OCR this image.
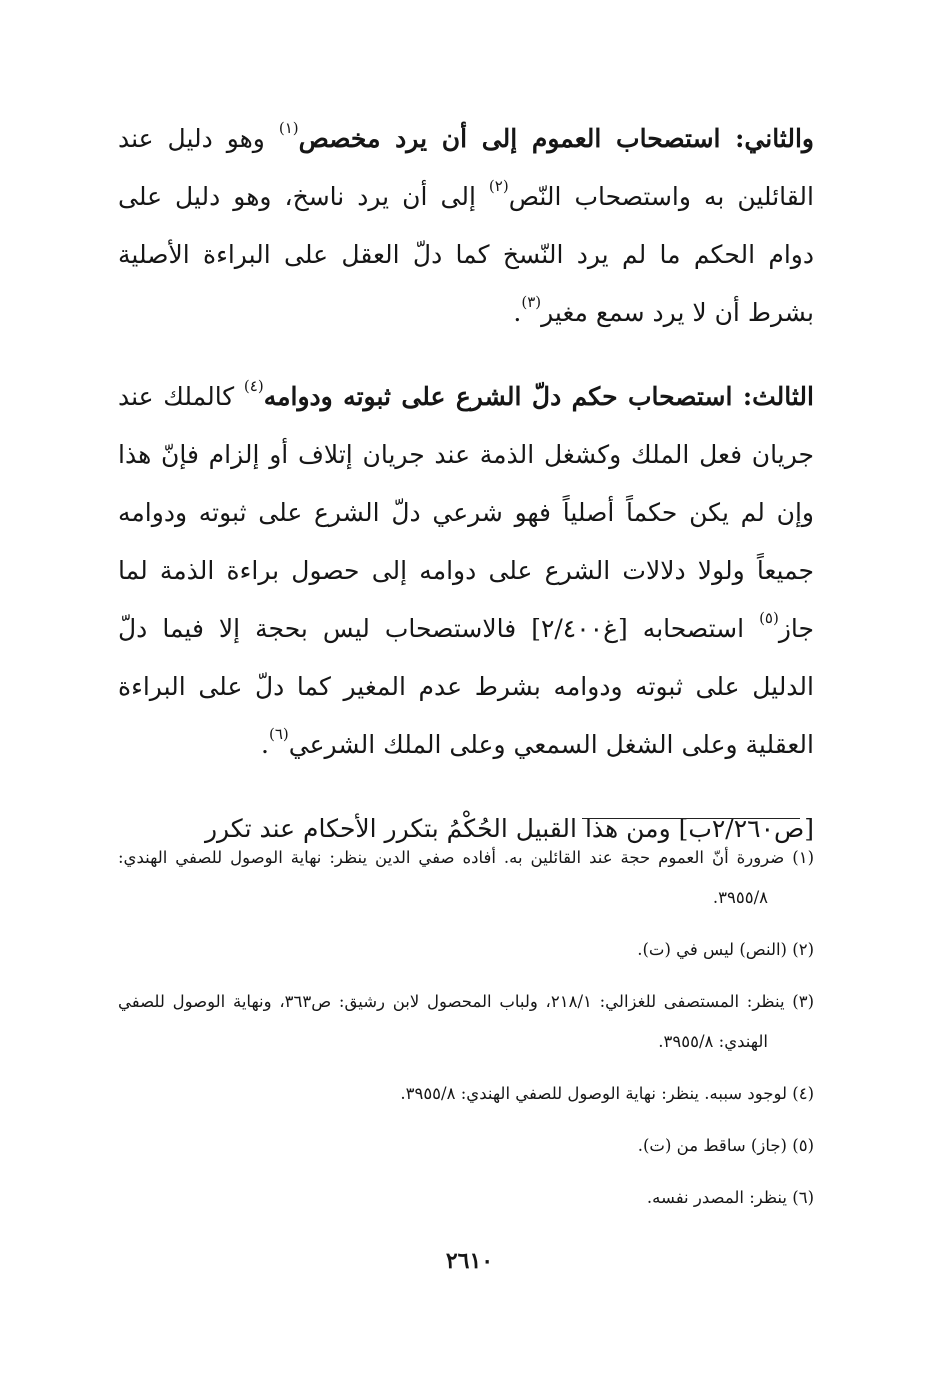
والثاني: استصحاب العموم إلى أن يرد مخصص$^{(١)}$ وهو دليل عند القائلين به واستصحاب النّص$^{(٢)}$ إلى أن يرد ناسخ، وهو دليل على دوام الحكم ما لم يرد النّسخ كما دلّ العقل على البراءة الأصلية بشرط أن لا يرد سمع مغير$^{(٣)}$.

الثالث: استصحاب حكم دلّ الشرع على ثبوته ودوامه$^{(٤)}$ كالملك عند جريان فعل الملك وكشغل الذمة عند جريان إتلاف أو إلزام فإنّ هذا وإن لم يكن حكماً أصلياً فهو شرعي دلّ الشرع على ثبوته ودوامه جميعاً ولولا دلالات الشرع على دوامه إلى حصول براءة الذمة لما جاز$^{(٥)}$ استصحابه [غ٢/٤٠٠] فالاستصحاب ليس بحجة إلا فيما دلّ الدليل على ثبوته ودوامه بشرط عدم المغير كما دلّ على البراءة العقلية وعلى الشغل السمعي وعلى الملك الشرعي$^{(٦)}$.

[ص٢/٢٦٠ب] ومن هذا القبيل الحُكْمُ بتكرر الأحكام عند تكرر

(١) ضرورة أنّ العموم حجة عند القائلين به. أفاده صفي الدين ينظر: نهاية الوصول للصفي الهندي: ٣٩٥٥/٨.

(٢) (النص) ليس في (ت).

(٣) ينظر: المستصفى للغزالي: ٢١٨/١، ولباب المحصول لابن رشيق: ص٣٦٣، ونهاية الوصول للصفي الهندي: ٣٩٥٥/٨.

(٤) لوجود سببه. ينظر: نهاية الوصول للصفي الهندي: ٣٩٥٥/٨.

(٥) (جاز) ساقط من (ت).

(٦) ينظر: المصدر نفسه.

٢٦١٠
